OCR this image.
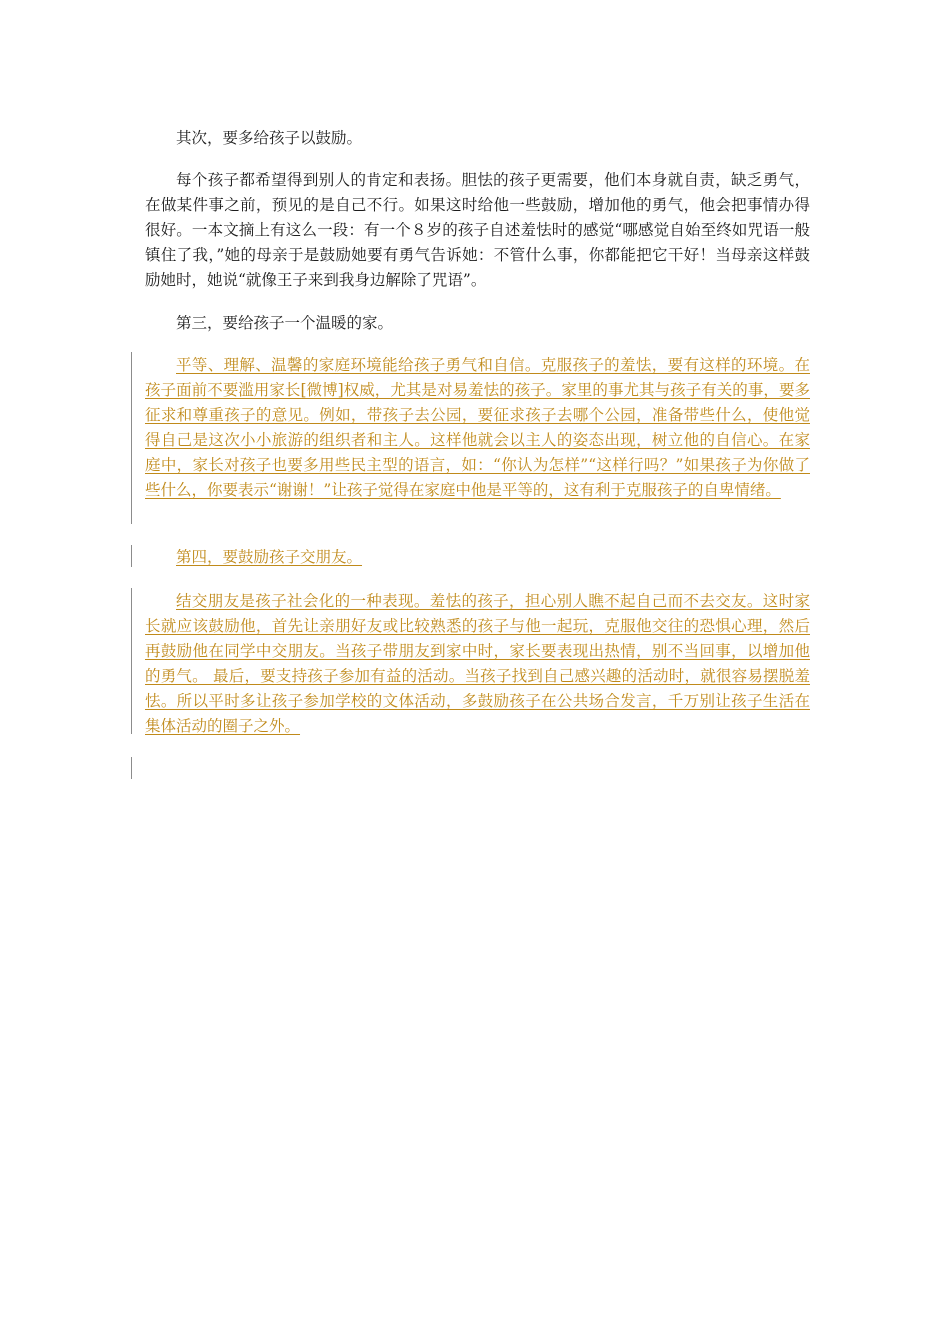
其次，要多给孩子以鼓励。

每个孩子都希望得到别人的肯定和表扬。胆怯的孩子更需要，他们本身就自责，缺乏勇气，在做某件事之前，预见的是自己不行。如果这时给他一些鼓励，增加他的勇气，他会把事情办得很好。一本文摘上有这么一段：有一个８岁的孩子自述羞怯时的感觉“哪感觉自始至终如咒语一般镇住了我，”她的母亲于是鼓励她要有勇气告诉她：不管什么事，你都能把它干好！当母亲这样鼓励她时，她说“就像王子来到我身边解除了咒语”。

第三，要给孩子一个温暖的家。

平等、理解、温馨的家庭环境能给孩子勇气和自信。克服孩子的羞怯，要有这样的环境。在孩子面前不要滥用家长[微博]权威，尤其是对易羞怯的孩子。家里的事尤其与孩子有关的事，要多征求和尊重孩子的意见。例如，带孩子去公园，要征求孩子去哪个公园，准备带些什么，使他觉得自己是这次小小旅游的组织者和主人。这样他就会以主人的姿态出现，树立他的自信心。在家庭中，家长对孩子也要多用些民主型的语言，如：“你认为怎样”“这样行吗？”如果孩子为你做了些什么，你要表示“谢谢！”让孩子觉得在家庭中他是平等的，这有利于克服孩子的自卑情绪。

第四，要鼓励孩子交朋友。

结交朋友是孩子社会化的一种表现。羞怯的孩子，担心别人瞧不起自己而不去交友。这时家长就应该鼓励他，首先让亲朋好友或比较熟悉的孩子与他一起玩，克服他交往的恐惧心理，然后再鼓励他在同学中交朋友。当孩子带朋友到家中时，家长要表现出热情，别不当回事，以增加他的勇气。 最后，要支持孩子参加有益的活动。当孩子找到自己感兴趣的活动时，就很容易摆脱羞怯。所以平时多让孩子参加学校的文体活动，多鼓励孩子在公共场合发言，千万别让孩子生活在集体活动的圈子之外。
